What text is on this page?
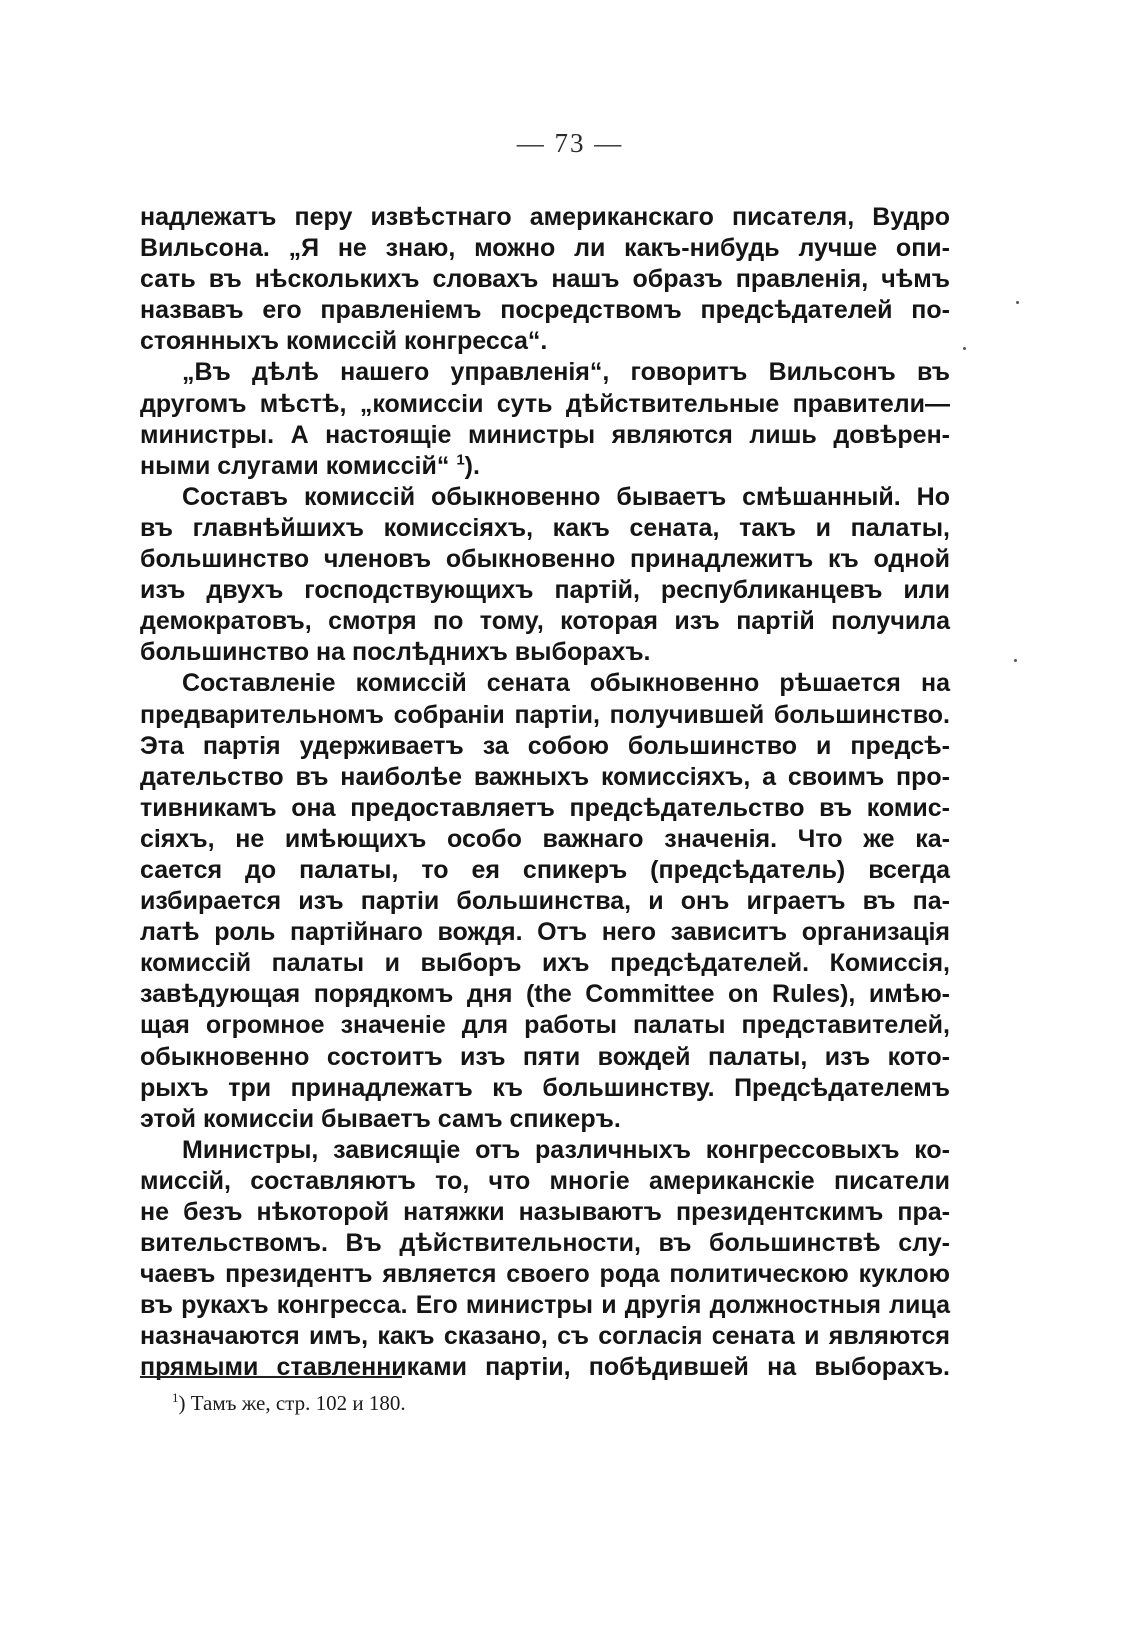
— 73 —
надлежатъ перу извѣстнаго американскаго писателя, Вудро
Вильсона. „Я не знаю, можно ли какъ-нибудь лучше опи-
сать въ нѣсколькихъ словахъ нашъ образъ правленія, чѣмъ
назвавъ его правленіемъ посредствомъ предсѣдателей по-
стоянныхъ комиссій конгресса“.
„Въ дѣлѣ нашего управленія“, говоритъ Вильсонъ въ
другомъ мѣстѣ, „комиссіи суть дѣйствительные правители—
министры. А настоящіе министры являются лишь довѣрен-
ными слугами комиссій“ $^1$).
Составъ комиссій обыкновенно бываетъ смѣшанный. Но
въ главнѣйшихъ комиссіяхъ, какъ сената, такъ и палаты,
большинство членовъ обыкновенно принадлежитъ къ одной
изъ двухъ господствующихъ партій, республиканцевъ или
демократовъ, смотря по тому, которая изъ партій получила
большинство на послѣднихъ выборахъ.
Составленіе комиссій сената обыкновенно рѣшается на
предварительномъ собраніи партіи, получившей большинство.
Эта партія удерживаетъ за собою большинство и предсѣ-
дательство въ наиболѣе важныхъ комиссіяхъ, а своимъ про-
тивникамъ она предоставляетъ предсѣдательство въ комис-
сіяхъ, не имѣющихъ особо важнаго значенія. Что же ка-
сается до палаты, то ея спикеръ (предсѣдатель) всегда
избирается изъ партіи большинства, и онъ играетъ въ па-
латѣ роль партійнаго вождя. Отъ него зависитъ организація
комиссій палаты и выборъ ихъ предсѣдателей. Комиссія,
завѣдующая порядкомъ дня (the Committee on Rules), имѣю-
щая огромное значеніе для работы палаты представителей,
обыкновенно состоитъ изъ пяти вождей палаты, изъ кото-
рыхъ три принадлежатъ къ большинству. Предсѣдателемъ
этой комиссіи бываетъ самъ спикеръ.
Министры, зависящіе отъ различныхъ конгрессовыхъ ко-
миссій, составляютъ то, что многіе американскіе писатели
не безъ нѣкоторой натяжки называютъ президентскимъ пра-
вительствомъ. Въ дѣйствительности, въ большинствѣ слу-
чаевъ президентъ является своего рода политическою куклою
въ рукахъ конгресса. Его министры и другія должностныя лица
назначаются имъ, какъ сказано, съ согласія сената и являются
прямыми ставленниками партіи, побѣдившей на выборахъ.
$^1$) Тамъ же, стр. 102 и 180.
